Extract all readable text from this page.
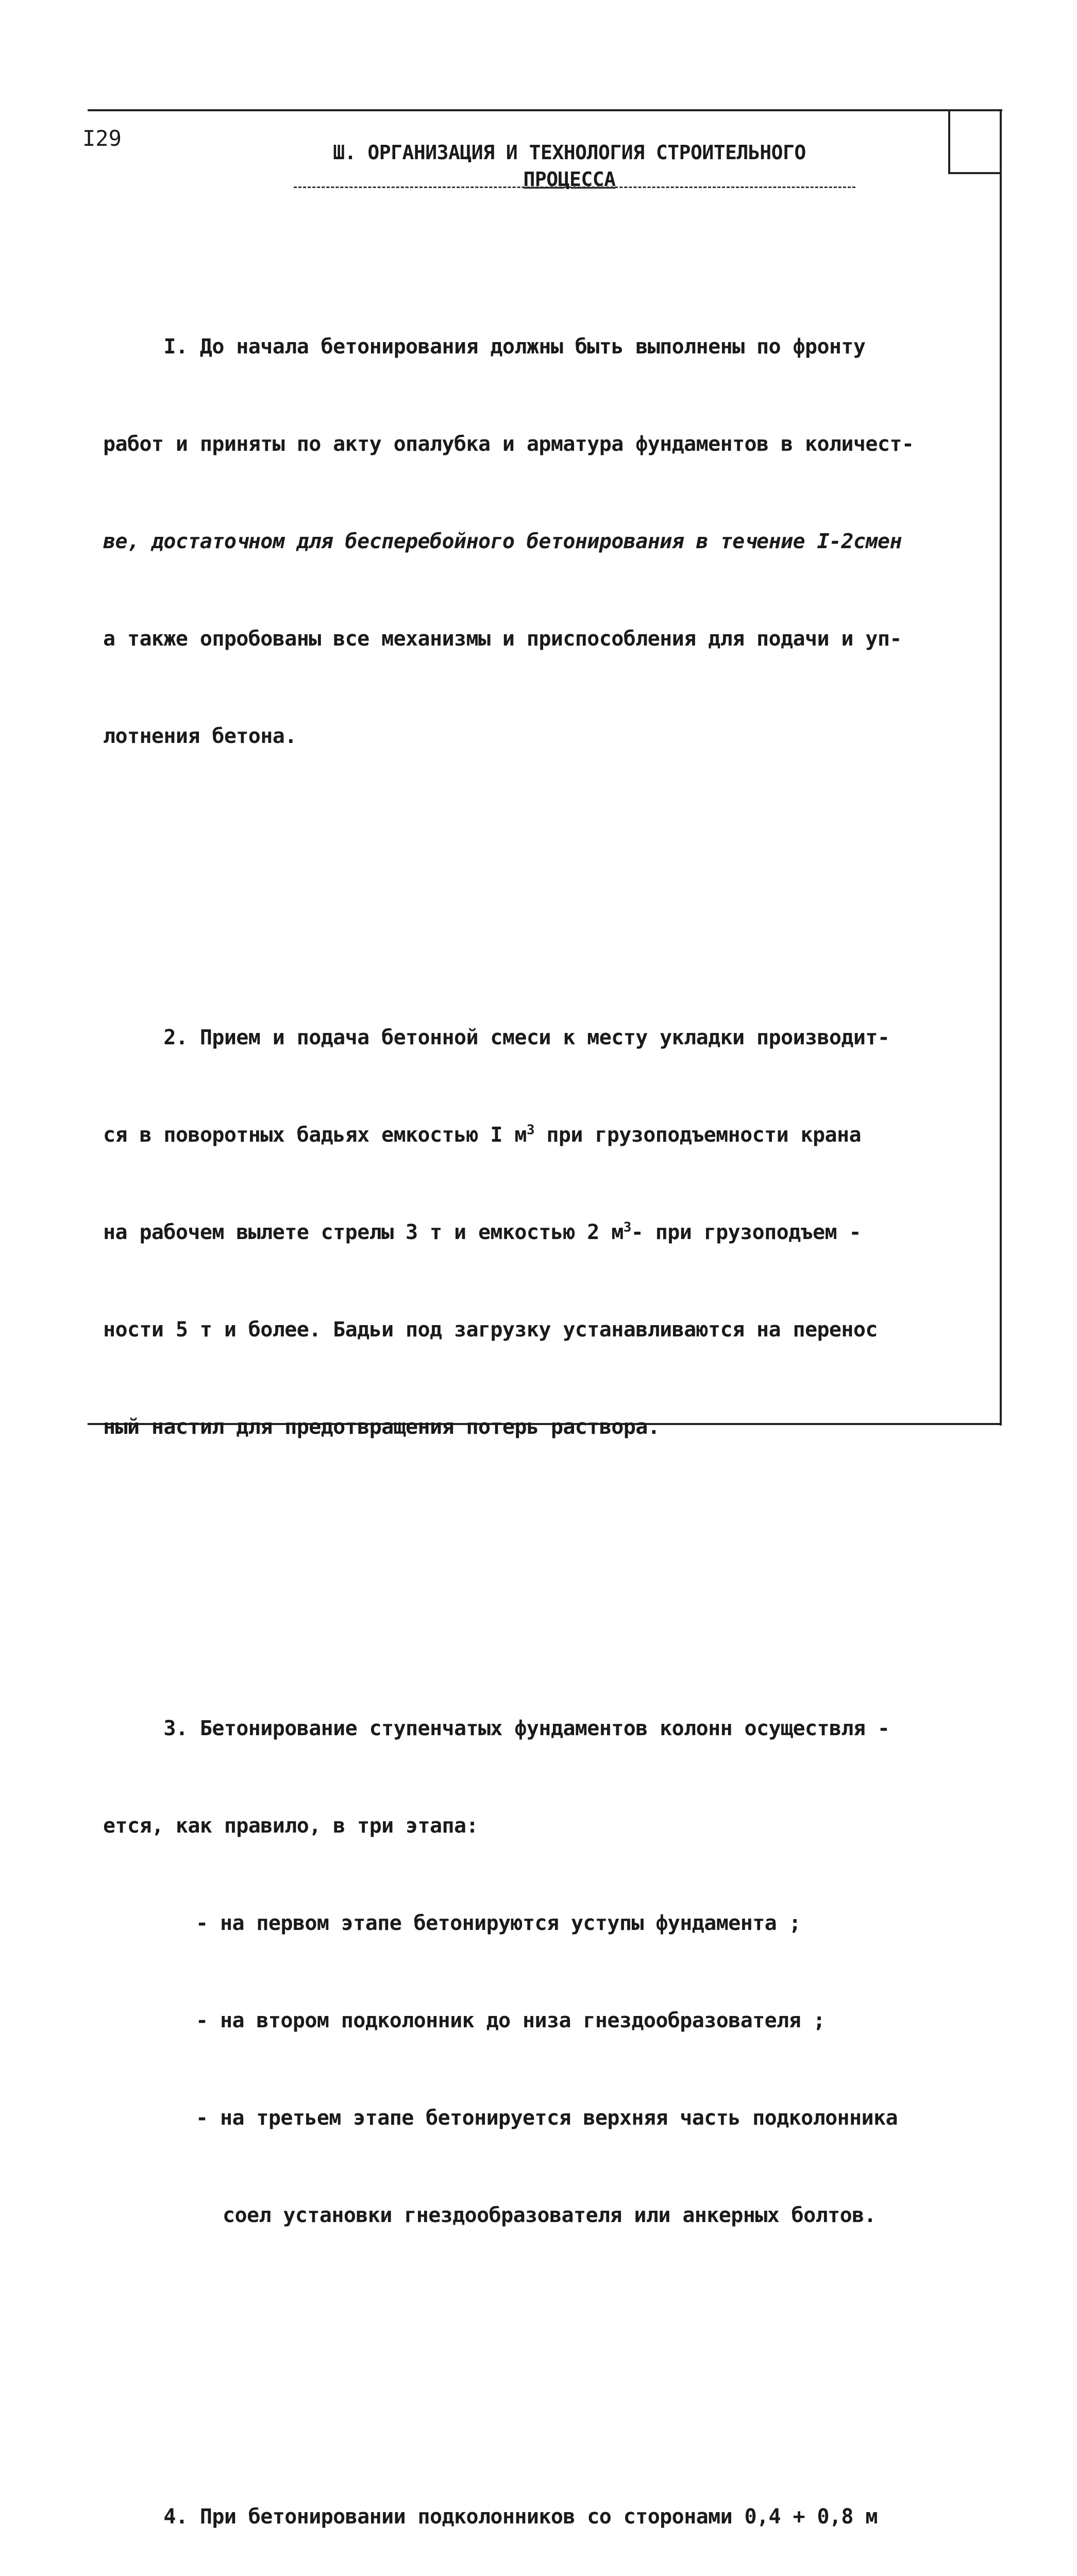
I29
Ш. ОРГАНИЗАЦИЯ И ТЕХНОЛОГИЯ СТРОИТЕЛЬНОГО
ПРОЦЕССА

I. До начала бетонирования должны быть выполнены по фронту

работ и приняты по акту опалубка и арматура фундаментов в количест-

ве, достаточном для бесперебойного бетонирования в течение I-2смен

а также опробованы все механизмы и приспособления для подачи и уп-

лотнения бетона.

2. Прием и подача бетонной смеси к месту укладки производит-

ся в поворотных бадьях емкостью I $м^3$ при грузоподъемности крана

на рабочем вылете стрелы 3 т и емкостью 2 $м^3-$ при грузоподъем -

ности 5 т и более. Бадьи под загрузку устанавливаются на перенос

ный настил для предотвращения потерь раствора.

3. Бетонирование ступенчатых фундаментов колонн осуществля -

ется, как правило, в три этапа:

- на первом этапе бетонируются уступы фундамента ;

- на втором подколонник до низа гнездообразователя ;

- на третьем этапе бетонируется верхняя часть подколонника

соел установки гнездообразователя или анкерных болтов.

4. При бетонировании подколонников со сторонами 0,4 + 0,8 м
